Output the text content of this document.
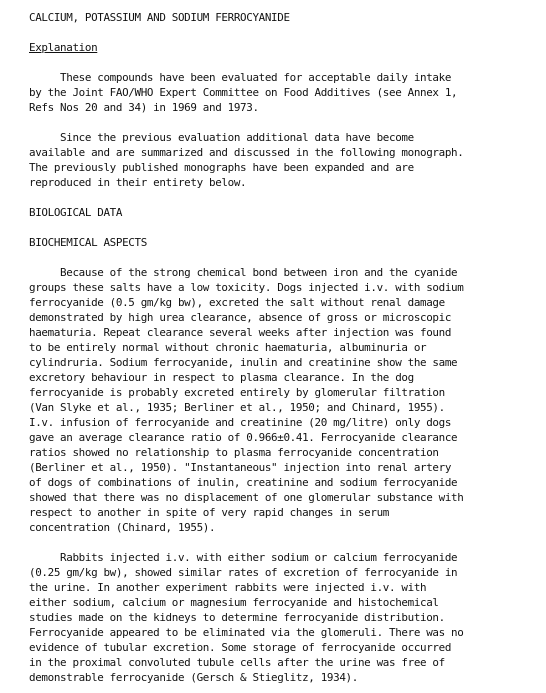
CALCIUM, POTASSIUM AND SODIUM FERROCYANIDE
Explanation
These compounds have been evaluated for acceptable daily intake
by the Joint FAO/WHO Expert Committee on Food Additives (see Annex 1,
Refs Nos 20 and 34) in 1969 and 1973.
Since the previous evaluation additional data have become
available and are summarized and discussed in the following monograph.
The previously published monographs have been expanded and are
reproduced in their entirety below.
BIOLOGICAL DATA
BIOCHEMICAL ASPECTS
Because of the strong chemical bond between iron and the cyanide
groups these salts have a low toxicity. Dogs injected i.v. with sodium
ferrocyanide (0.5 gm/kg bw), excreted the salt without renal damage
demonstrated by high urea clearance, absence of gross or microscopic
haematuria. Repeat clearance several weeks after injection was found
to be entirely normal without chronic haematuria, albuminuria or
cylindruria. Sodium ferrocyanide, inulin and creatinine show the same
excretory behaviour in respect to plasma clearance. In the dog
ferrocyanide is probably excreted entirely by glomerular filtration
(Van Slyke et al., 1935; Berliner et al., 1950; and Chinard, 1955).
I.v. infusion of ferrocyanide and creatinine (20 mg/litre) only dogs
gave an average clearance ratio of 0.966±0.41. Ferrocyanide clearance
ratios showed no relationship to plasma ferrocyanide concentration
(Berliner et al., 1950). "Instantaneous" injection into renal artery
of dogs of combinations of inulin, creatinine and sodium ferrocyanide
showed that there was no displacement of one glomerular substance with
respect to another in spite of very rapid changes in serum
concentration (Chinard, 1955).
Rabbits injected i.v. with either sodium or calcium ferrocyanide
(0.25 gm/kg bw), showed similar rates of excretion of ferrocyanide in
the urine. In another experiment rabbits were injected i.v. with
either sodium, calcium or magnesium ferrocyanide and histochemical
studies made on the kidneys to determine ferrocyanide distribution.
Ferrocyanide appeared to be eliminated via the glomeruli. There was no
evidence of tubular excretion. Some storage of ferrocyanide occurred
in the proximal convoluted tubule cells after the urine was free of
demonstrable ferrocyanide (Gersch & Stieglitz, 1934).
